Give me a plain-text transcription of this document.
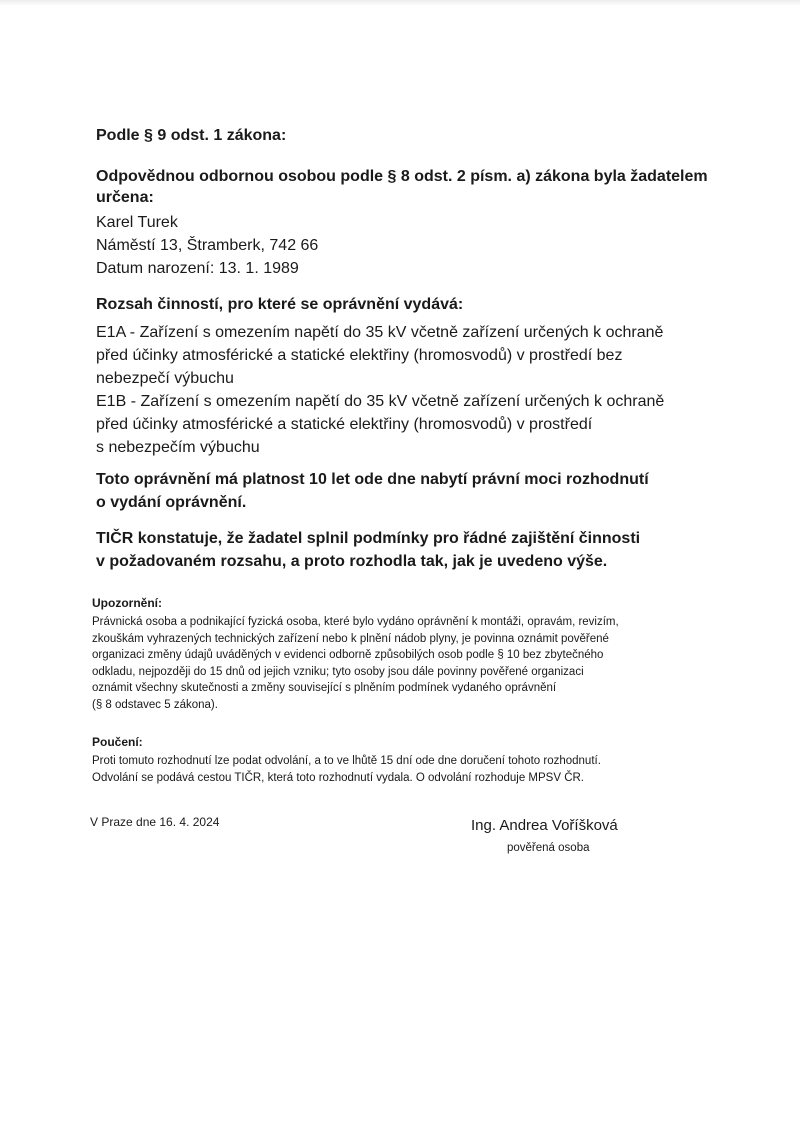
Podle § 9 odst. 1 zákona:
Odpovědnou odbornou osobou podle § 8 odst. 2 písm. a) zákona byla žadatelem určena:
Karel Turek
Náměstí 13, Štramberk, 742 66
Datum narození: 13. 1. 1989
Rozsah činností, pro které se oprávnění vydává:
E1A - Zařízení s omezením napětí do 35 kV včetně zařízení určených k ochraně
před účinky atmosférické a statické elektřiny (hromosvodů) v prostředí bez
nebezpečí výbuchu
E1B - Zařízení s omezením napětí do 35 kV včetně zařízení určených k ochraně
před účinky atmosférické a statické elektřiny (hromosvodů) v prostředí
s nebezpečím výbuchu
Toto oprávnění má platnost 10 let ode dne nabytí právní moci rozhodnutí
o vydání oprávnění.
TIČR konstatuje, že žadatel splnil podmínky pro řádné zajištění činnosti
v požadovaném rozsahu, a proto rozhodla tak, jak je uvedeno výše.
Upozornění:
Právnická osoba a podnikající fyzická osoba, které bylo vydáno oprávnění k montáži, opravám, revizím,
zkouškám vyhrazených technických zařízení nebo k plnění nádob plyny, je povinna oznámit pověřené
organizaci změny údajů uváděných v evidenci odborně způsobilých osob podle § 10 bez zbytečného
odkladu, nejpozději do 15 dnů od jejich vzniku; tyto osoby jsou dále povinny pověřené organizaci
oznámit všechny skutečnosti a změny související s plněním podmínek vydaného oprávnění
(§ 8 odstavec 5 zákona).
Poučení:
Proti tomuto rozhodnutí lze podat odvolání, a to ve lhůtě 15 dní ode dne doručení tohoto rozhodnutí.
Odvolání se podává cestou TIČR, která toto rozhodnutí vydala. O odvolání rozhoduje MPSV ČR.
V Praze dne 16. 4. 2024	Ing. Andrea Voříšková
pověřená osoba
